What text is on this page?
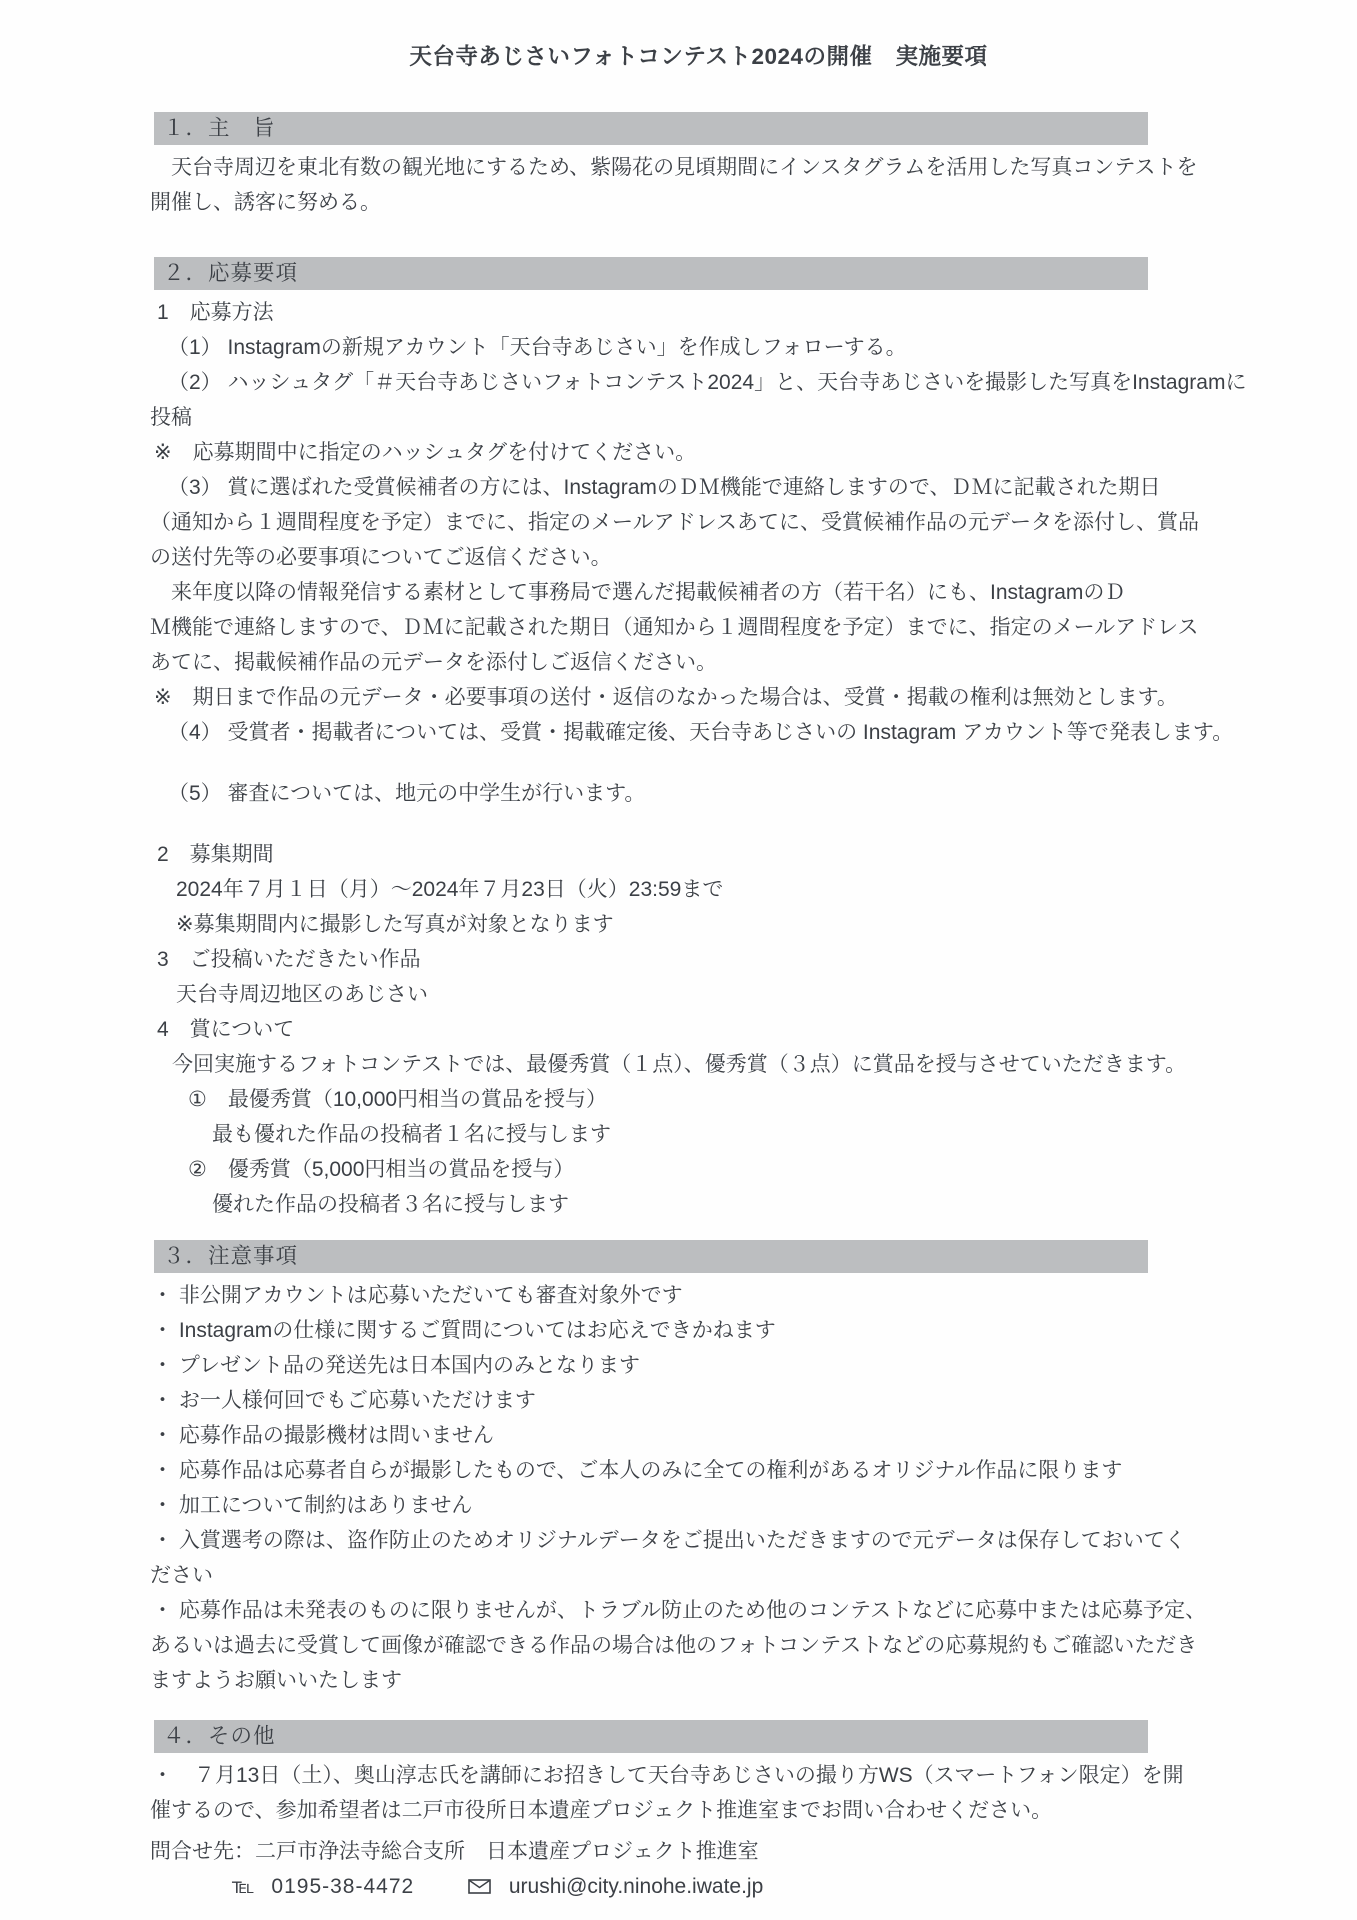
天台寺あじさいフォトコンテスト2024の開催　実施要項
１．主　旨
　天台寺周辺を東北有数の観光地にするため、紫陽花の見頃期間にインスタグラムを活用した写真コンテストを
開催し、誘客に努める。
２．応募要項
1　応募方法
（1） Instagramの新規アカウント「天台寺あじさい」を作成しフォローする。
（2） ハッシュタグ「＃天台寺あじさいフォトコンテスト2024」と、天台寺あじさいを撮影した写真をInstagramに
投稿
※　応募期間中に指定のハッシュタグを付けてください。
（3） 賞に選ばれた受賞候補者の方には、InstagramのＤＭ機能で連絡しますので、ＤＭに記載された期日
（通知から１週間程度を予定）までに、指定のメールアドレスあてに、受賞候補作品の元データを添付し、賞品
の送付先等の必要事項についてご返信ください。
　来年度以降の情報発信する素材として事務局で選んだ掲載候補者の方（若干名）にも、InstagramのＤ
Ｍ機能で連絡しますので、ＤＭに記載された期日（通知から１週間程度を予定）までに、指定のメールアドレス
あてに、掲載候補作品の元データを添付しご返信ください。
※　期日まで作品の元データ・必要事項の送付・返信のなかった場合は、受賞・掲載の権利は無効とします。
（4） 受賞者・掲載者については、受賞・掲載確定後、天台寺あじさいの Instagram アカウント等で発表します。
（5） 審査については、地元の中学生が行います。
2　募集期間
2024年７月１日（月）～2024年７月23日（火）23:59まで
※募集期間内に撮影した写真が対象となります
3　ご投稿いただきたい作品
天台寺周辺地区のあじさい
4　賞について
今回実施するフォトコンテストでは、最優秀賞（１点）、優秀賞（３点）に賞品を授与させていただきます。
①　最優秀賞（10,000円相当の賞品を授与）
最も優れた作品の投稿者１名に授与します
②　優秀賞（5,000円相当の賞品を授与）
優れた作品の投稿者３名に授与します
３．注意事項
・ 非公開アカウントは応募いただいても審査対象外です
・ Instagramの仕様に関するご質問についてはお応えできかねます
・ プレゼント品の発送先は日本国内のみとなります
・ お一人様何回でもご応募いただけます
・ 応募作品の撮影機材は問いません
・ 応募作品は応募者自らが撮影したもので、ご本人のみに全ての権利があるオリジナル作品に限ります
・ 加工について制約はありません
・ 入賞選考の際は、盗作防止のためオリジナルデータをご提出いただきますので元データは保存しておいてく
ださい
・ 応募作品は未発表のものに限りませんが、トラブル防止のため他のコンテストなどに応募中または応募予定、
あるいは過去に受賞して画像が確認できる作品の場合は他のフォトコンテストなどの応募規約もご確認いただき
ますようお願いいたします
４．その他
・　７月13日（土）、奥山淳志氏を講師にお招きして天台寺あじさいの撮り方WS（スマートフォン限定）を開
催するので、参加希望者は二戸市役所日本遺産プロジェクト推進室までお問い合わせください。
問合せ先：二戸市浄法寺総合支所　日本遺産プロジェクト推進室
℡ 0195-38-4472	urushi@city.ninohe.iwate.jp
